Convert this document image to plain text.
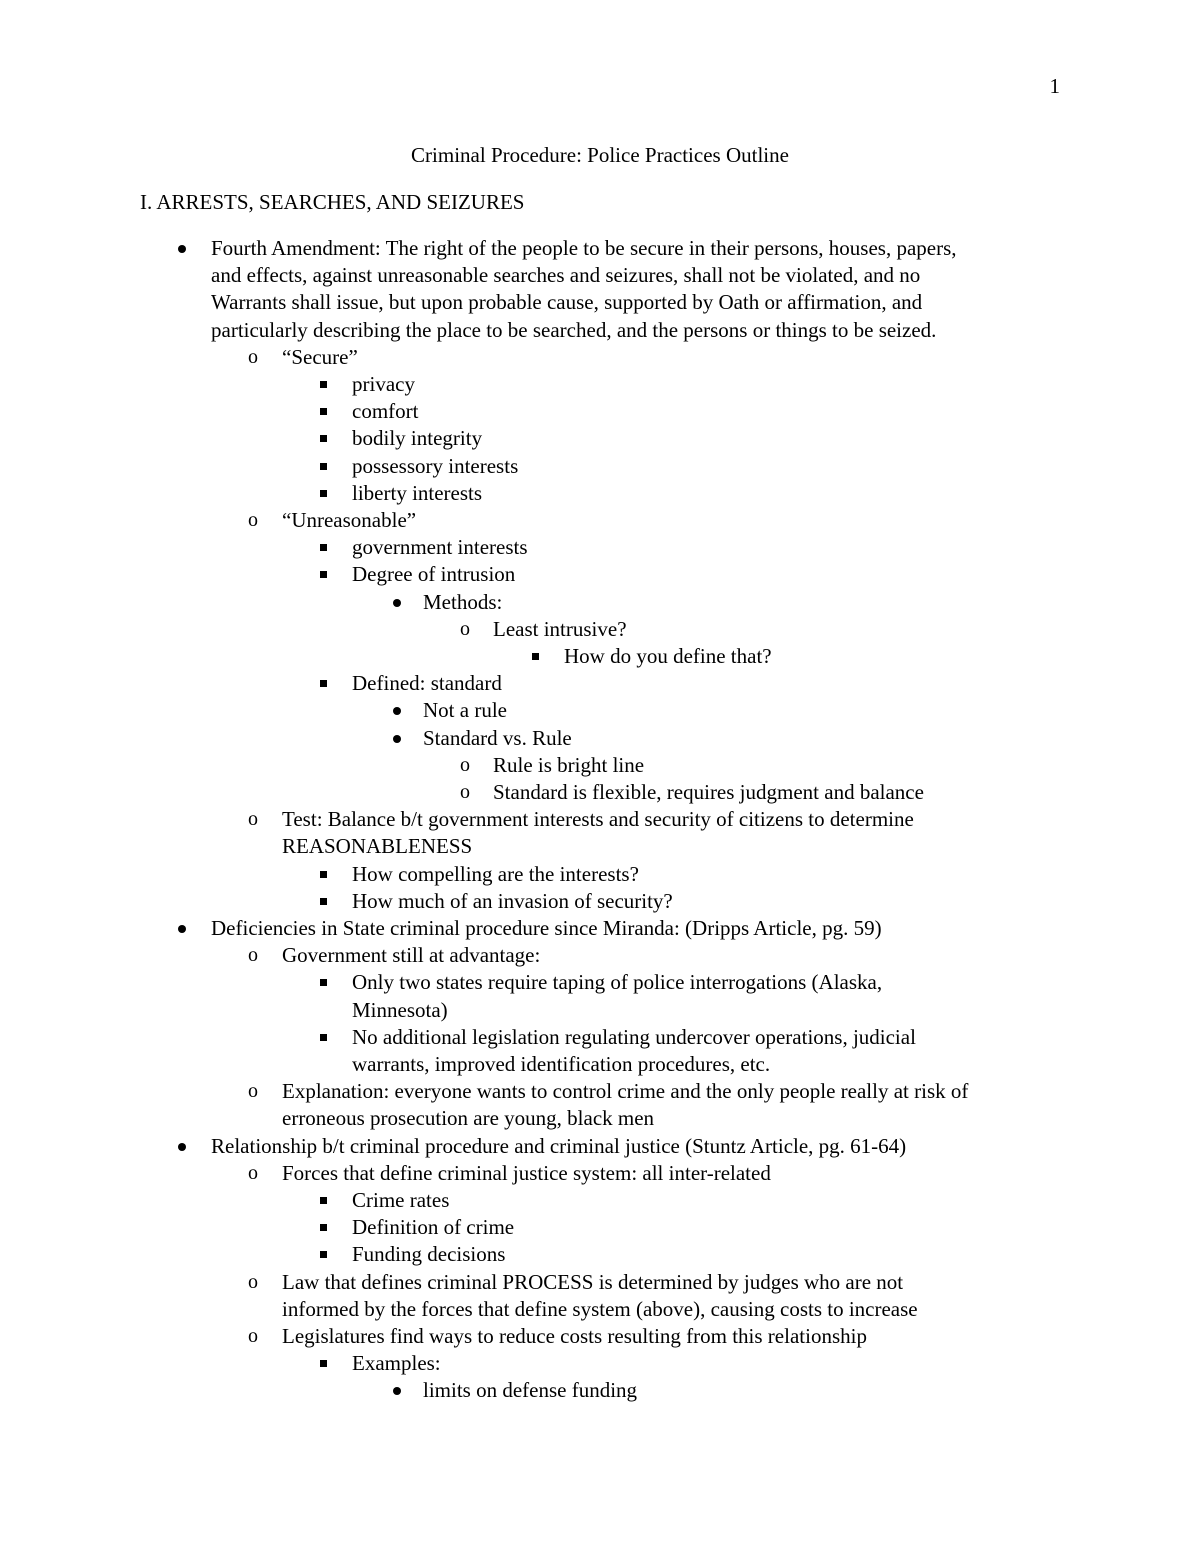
1
Criminal Procedure: Police Practices Outline
I. ARRESTS, SEARCHES, AND SEIZURES
Fourth Amendment: The right of the people to be secure in their persons, houses, papers,
and effects, against unreasonable searches and seizures, shall not be violated, and no
Warrants shall issue, but upon probable cause, supported by Oath or affirmation, and
particularly describing the place to be searched, and the persons or things to be seized.
o “Secure”
privacy
comfort
bodily integrity
possessory interests
liberty interests
o “Unreasonable”
government interests
Degree of intrusion
Methods:
o Least intrusive?
How do you define that?
Defined: standard
Not a rule
Standard vs. Rule
o Rule is bright line
o Standard is flexible, requires judgment and balance
o Test: Balance b/t government interests and security of citizens to determine
REASONABLENESS
How compelling are the interests?
How much of an invasion of security?
Deficiencies in State criminal procedure since Miranda: (Dripps Article, pg. 59)
o Government still at advantage:
Only two states require taping of police interrogations (Alaska,
Minnesota)
No additional legislation regulating undercover operations, judicial
warrants, improved identification procedures, etc.
o Explanation: everyone wants to control crime and the only people really at risk of
erroneous prosecution are young, black men
Relationship b/t criminal procedure and criminal justice (Stuntz Article, pg. 61-64)
o Forces that define criminal justice system: all inter-related
Crime rates
Definition of crime
Funding decisions
o Law that defines criminal PROCESS is determined by judges who are not
informed by the forces that define system (above), causing costs to increase
o Legislatures find ways to reduce costs resulting from this relationship
Examples:
limits on defense funding
